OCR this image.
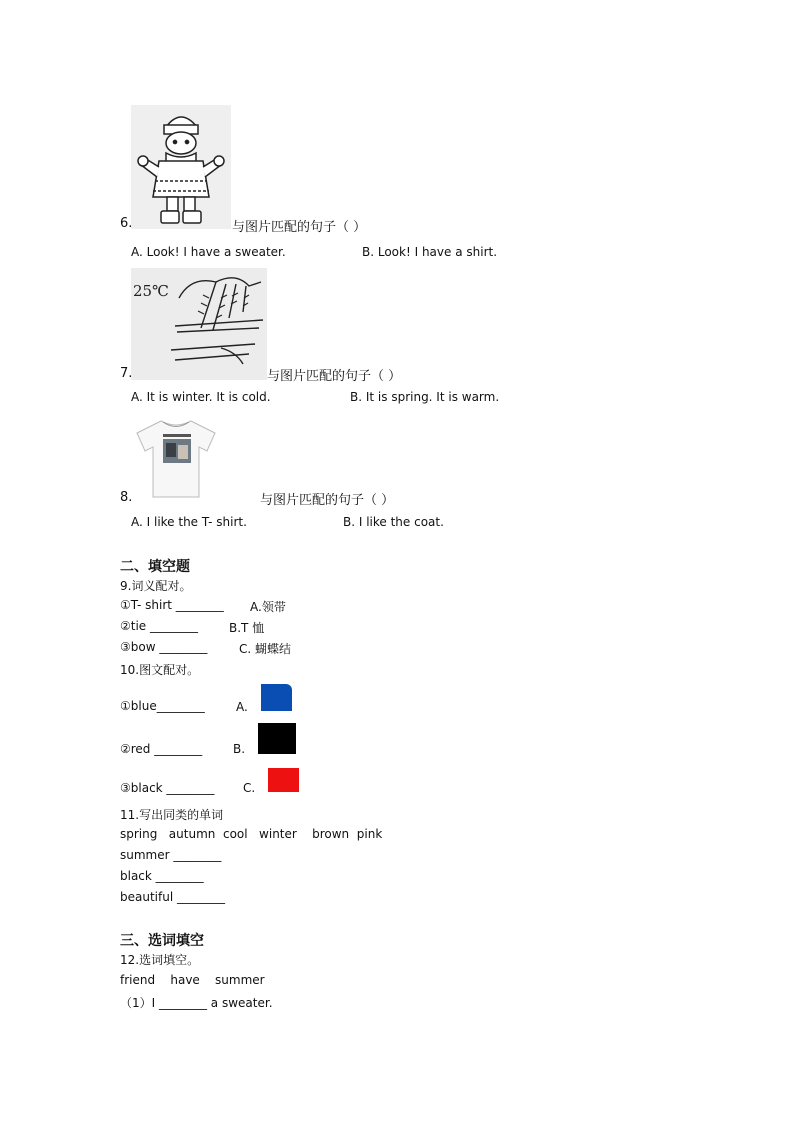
6.	与图片匹配的句子（ ）
A. Look! I have a sweater.	B. Look! I have a shirt.
25℃
7.	与图片匹配的句子（ ）
A. It is winter. It is cold.	B. It is spring. It is warm.
8.	与图片匹配的句子（ ）
A. I like the T- shirt.	B. I like the coat.
二、填空题
9.词义配对。
①T- shirt ________ A.领带
②tie ________	B.T 恤
③bow ________	C. 蝴蝶结
10.图文配对。
①blue________	A.
②red ________	B.
③black ________ C.
11.写出同类的单词
spring   autumn  cool   winter    brown  pink
summer ________
black ________
beautiful ________
三、选词填空
12.选词填空。
friend    have    summer
（1）I ________ a sweater.
